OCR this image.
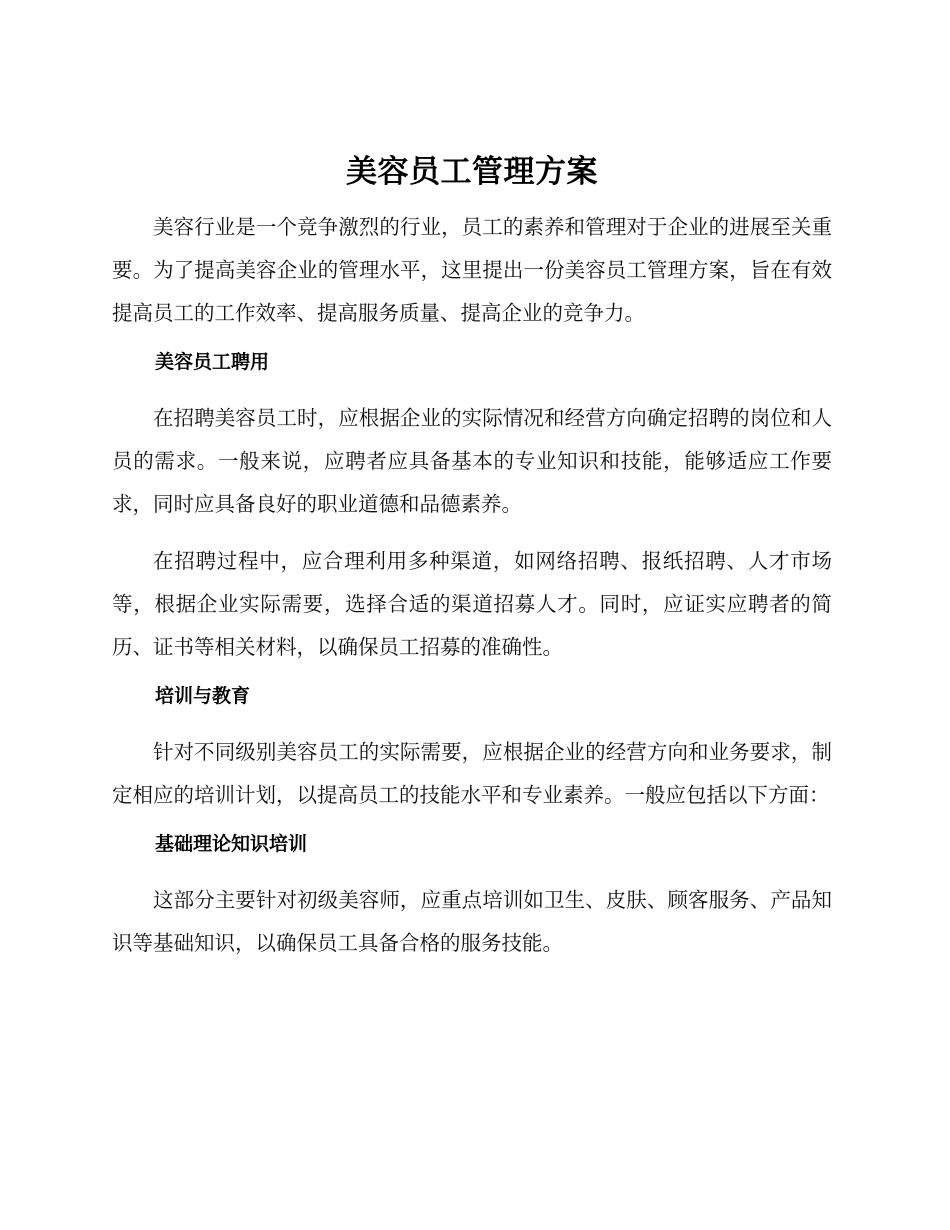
美容员工管理方案

美容行业是一个竞争激烈的行业，员工的素养和管理对于企业的进展至关重要。为了提高美容企业的管理水平，这里提出一份美容员工管理方案，旨在有效提高员工的工作效率、提高服务质量、提高企业的竞争力。

美容员工聘用

在招聘美容员工时，应根据企业的实际情况和经营方向确定招聘的岗位和人员的需求。一般来说，应聘者应具备基本的专业知识和技能，能够适应工作要求，同时应具备良好的职业道德和品德素养。

在招聘过程中，应合理利用多种渠道，如网络招聘、报纸招聘、人才市场等，根据企业实际需要，选择合适的渠道招募人才。同时，应证实应聘者的简历、证书等相关材料，以确保员工招募的准确性。

培训与教育

针对不同级别美容员工的实际需要，应根据企业的经营方向和业务要求，制定相应的培训计划，以提高员工的技能水平和专业素养。一般应包括以下方面：

基础理论知识培训

这部分主要针对初级美容师，应重点培训如卫生、皮肤、顾客服务、产品知识等基础知识，以确保员工具备合格的服务技能。
